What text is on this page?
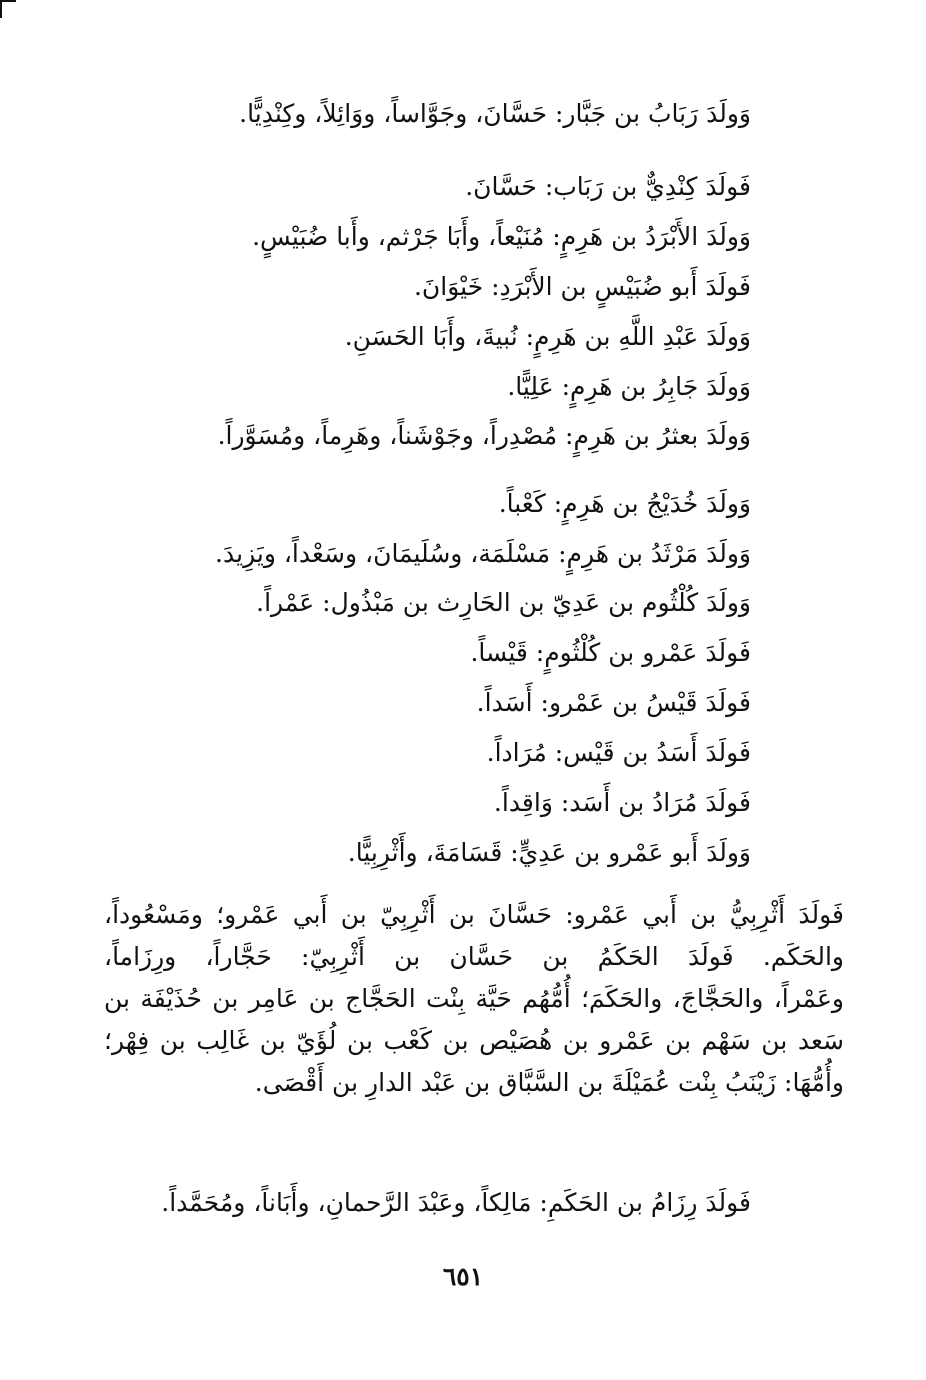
وَولَدَ رَبَابُ بن جَبَّار: حَسَّانَ، وجَوَّاساً، ووَائِلاً، وكِنْدِيًّا.
فَولَدَ كِنْدِيٌّ بن رَبَاب: حَسَّانَ.
وَولَدَ الأَبْرَدُ بن هَرِمٍ: مُنَيْعاً، وأَبَا جَرْثم، وأَبا ضُبَيْسٍ.
فَولَدَ أَبو ضُبَيْسٍ بن الأَبْرَدِ: خَيْوَانَ.
وَولَدَ عَبْدِ اللَّهِ بن هَرِمٍ: نُبيةَ، وأَبَا الحَسَنِ.
وَولَدَ جَابِرُ بن هَرِمٍ: عَلِيًّا.
وَولَدَ بعثرُ بن هَرِمٍ: مُصْدِراً، وجَوْشَناً، وهَرِماً، ومُسَوَّراً.
وَولَدَ خُدَيْجُ بن هَرِمٍ: كَعْباً.
وَولَدَ مَرْثَدُ بن هَرِمٍ: مَسْلَمَة، وسُلَيمَانَ، وسَعْداً، ويَزِيدَ.
وَولَدَ كُلْثُوم بن عَدِيّ بن الحَارِث بن مَبْذُول: عَمْراً.
فَولَدَ عَمْرو بن كُلْثُومٍ: قَيْساً.
فَولَدَ قَيْسُ بن عَمْرو: أَسَداً.
فَولَدَ أَسَدُ بن قَيْس: مُرَاداً.
فَولَدَ مُرَادُ بن أَسَد: وَاقِداً.
وَولَدَ أَبو عَمْرو بن عَدِيٍّ: قَسَامَةَ، وأَثْرِبِيًّا.
فَولَدَ أَثْرِبِيُّ بن أَبي عَمْرو: حَسَّانَ بن أَثْرِبِيّ بن أَبي عَمْرو؛ ومَسْعُوداً،
والحَكَم. فَولَدَ الحَكَمُ بن حَسَّان بن أَثْرِبِيّ: حَجَّاراً، ورِزَاماً،
وعَمْراً، والحَجَّاجَ، والحَكَمَ؛ أُمُّهُم حَيَّة بِنْت الحَجَّاج بن عَامِر بن حُذَيْفَة بن
سَعد بن سَهْم بن عَمْرو بن هُصَيْص بن كَعْب بن لُؤَيّ بن غَالِب بن فِهْر؛
وأُمُّهَا: زَيْنَبُ بِنْت عُمَيْلَةَ بن السَّبَّاق بن عَبْد الدارِ بن أَقْصَى.
فَولَدَ رِزَامُ بن الحَكَمِ: مَالِكاً، وعَبْدَ الرَّحمانِ، وأَبَاناً، ومُحَمَّداً.
٦٥١
